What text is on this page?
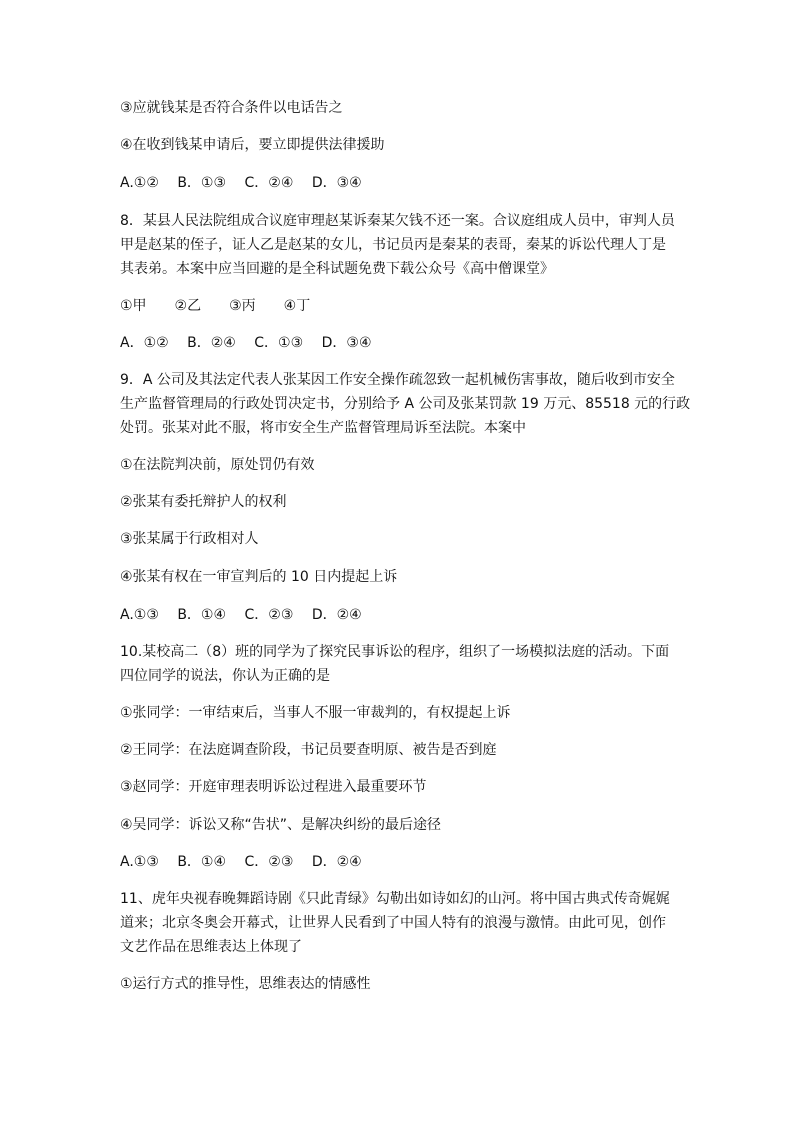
③应就钱某是否符合条件以电话告之
④在收到钱某申请后，要立即提供法律援助
A.①②　 B．①③　 C．②④　 D．③④
8．某县人民法院组成合议庭审理赵某诉秦某欠钱不还一案。合议庭组成人员中，审判人员
甲是赵某的侄子，证人乙是赵某的女儿，书记员丙是秦某的表哥，秦某的诉讼代理人丁是
其表弟。本案中应当回避的是全科试题免费下载公众号《高中僧课堂》
①甲　　②乙　　③丙　　④丁
A．①②　 B．②④　 C．①③　 D．③④
9．A 公司及其法定代表人张某因工作安全操作疏忽致一起机械伤害事故，随后收到市安全
生产监督管理局的行政处罚决定书，分别给予 A 公司及张某罚款 19 万元、85518 元的行政
处罚。张某对此不服，将市安全生产监督管理局诉至法院。本案中
①在法院判决前，原处罚仍有效
②张某有委托辩护人的权利
③张某属于行政相对人
④张某有权在一审宣判后的 10 日内提起上诉
A.①③　 B．①④　 C．②③　 D．②④
10.某校高二（8）班的同学为了探究民事诉讼的程序，组织了一场模拟法庭的活动。下面
四位同学的说法，你认为正确的是
①张同学：一审结束后，当事人不服一审裁判的，有权提起上诉
②王同学：在法庭调查阶段，书记员要查明原、被告是否到庭
③赵同学：开庭审理表明诉讼过程进入最重要环节
④吴同学：诉讼又称“告状”、是解决纠纷的最后途径
A.①③　 B．①④　 C．②③　 D．②④
11、虎年央视春晚舞蹈诗剧《只此青绿》勾勒出如诗如幻的山河。将中国古典式传奇娓娓
道来；北京冬奥会开幕式，让世界人民看到了中国人特有的浪漫与激情。由此可见，创作
文艺作品在思维表达上体现了
①运行方式的推导性，思维表达的情感性
